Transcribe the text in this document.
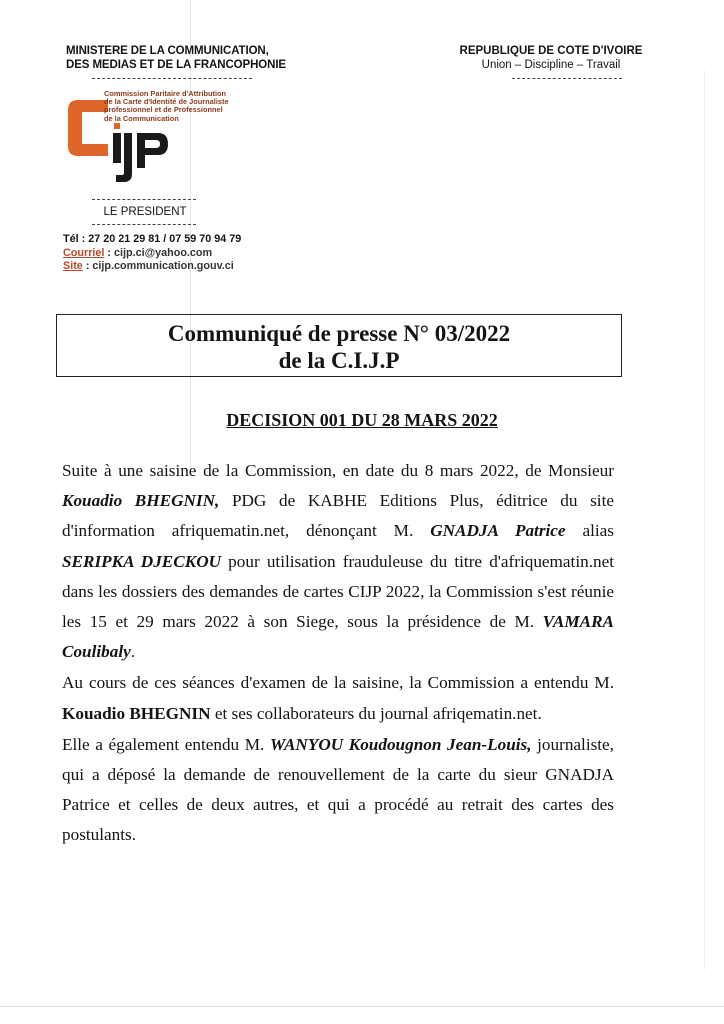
MINISTERE DE LA COMMUNICATION,
DES MEDIAS ET DE LA FRANCOPHONIE
Commission Paritaire d'Attribution
de la Carte d'Identité de Journaliste
professionnel et de Professionnel
de la Communication
LE PRESIDENT
Tél : 27 20 21 29 81 / 07 59 70 94 79
Courriel : cijp.ci@yahoo.com
Site : cijp.communication.gouv.ci
REPUBLIQUE DE COTE D'IVOIRE
Union – Discipline – Travail
Communiqué de presse N° 03/2022
de la C.I.J.P
DECISION 001 DU 28 MARS 2022

Suite à une saisine de la Commission, en date du 8 mars 2022, de Monsieur Kouadio BHEGNIN, PDG de KABHE Editions Plus, éditrice du site d'information afriquematin.net, dénonçant M. GNADJA Patrice alias SERIPKA DJECKOU pour utilisation frauduleuse du titre d'afriquematin.net dans les dossiers des demandes de cartes CIJP 2022, la Commission s'est réunie les 15 et 29 mars 2022 à son Siege, sous la présidence de M. VAMARA Coulibaly.

Au cours de ces séances d'examen de la saisine, la Commission a entendu M. Kouadio BHEGNIN et ses collaborateurs du journal afriqematin.net.

Elle a également entendu M. WANYOU Koudougnon Jean-Louis, journaliste, qui a déposé la demande de renouvellement de la carte du sieur GNADJA Patrice et celles de deux autres, et qui a procédé au retrait des cartes des postulants.
